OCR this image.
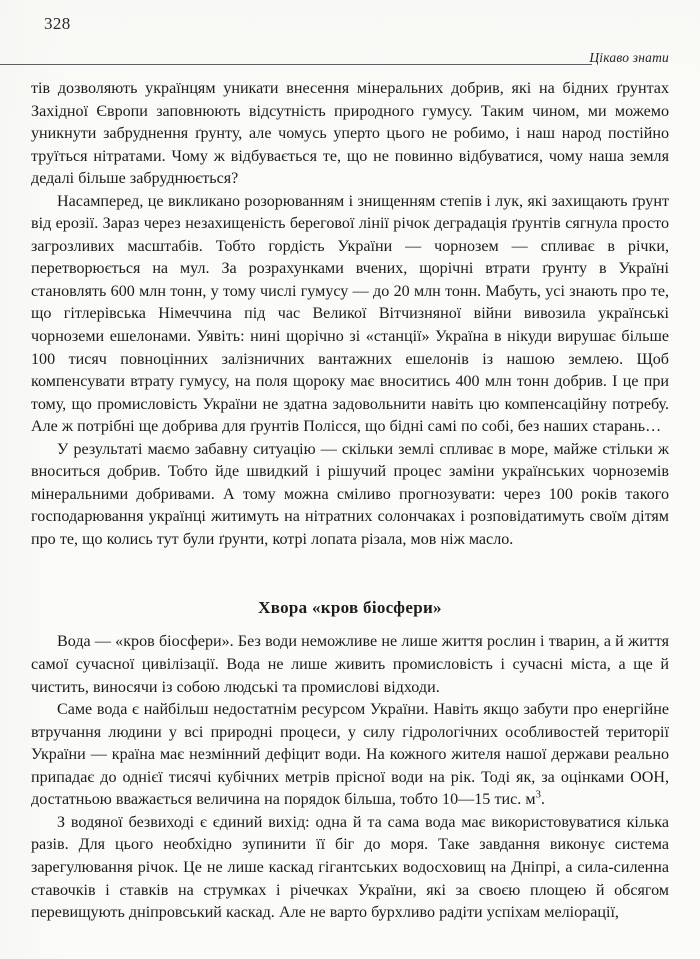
328
Цікаво знати

тів дозволяють українцям уникати внесення мінеральних добрив, які на бідних ґрунтах Західної Європи заповнюють відсутність природного гумусу. Таким чином, ми можемо уникнути забруднення ґрунту, але чомусь уперто цього не робимо, і наш народ постійно труїться нітратами. Чому ж відбувається те, що не повинно відбуватися, чому наша земля дедалі більше забруднюється?

Насамперед, це викликано розорюванням і знищенням степів і лук, які захищають ґрунт від ерозії. Зараз через незахищеність берегової лінії річок деградація ґрунтів сягнула просто загрозливих масштабів. Тобто гордість України — чорнозем — спливає в річки, перетворюється на мул. За розрахунками вчених, щорічні втрати ґрунту в Україні становлять 600 млн тонн, у тому числі гумусу — до 20 млн тонн. Мабуть, усі знають про те, що гітлерівська Німеччина під час Великої Вітчизняної війни вивозила українські чорноземи ешелонами. Уявіть: нині щорічно зі «станції» Україна в нікуди вирушає більше 100 тисяч повноцінних залізничних вантажних ешелонів із нашою землею. Щоб компенсувати втрату гумусу, на поля щороку має вноситись 400 млн тонн добрив. І це при тому, що промисловість України не здатна задовольнити навіть цю компенсаційну потребу. Але ж потрібні ще добрива для ґрунтів Полісся, що бідні самі по собі, без наших старань…

У результаті маємо забавну ситуацію — скільки землі спливає в море, майже стільки ж вноситься добрив. Тобто йде швидкий і рішучий процес заміни українських чорноземів мінеральними добривами. А тому можна сміливо прогнозувати: через 100 років такого господарювання українці житимуть на нітратних солончаках і розповідатимуть своїм дітям про те, що колись тут були ґрунти, котрі лопата різала, мов ніж масло.

Хвора «кров біосфери»

Вода — «кров біосфери». Без води неможливе не лише життя рослин і тварин, а й життя самої сучасної цивілізації. Вода не лише живить промисловість і сучасні міста, а ще й чистить, виносячи із собою людські та промислові відходи.

Саме вода є найбільш недостатнім ресурсом України. Навіть якщо забути про енергійне втручання людини у всі природні процеси, у силу гідрологічних особливостей території України — країна має незмінний дефіцит води. На кожного жителя нашої держави реально припадає до однієї тисячі кубічних метрів прісної води на рік. Тоді як, за оцінками ООН, достатньою вважається величина на порядок більша, тобто 10—15 тис. $м^3$.

З водяної безвиході є єдиний вихід: одна й та сама вода має використовуватися кілька разів. Для цього необхідно зупинити її біг до моря. Таке завдання виконує система зарегулювання річок. Це не лише каскад гігантських водосховищ на Дніпрі, а сила-силенна ставочків і ставків на струмках і річечках України, які за своєю площею й обсягом перевищують дніпровський каскад. Але не варто бурхливо радіти успіхам меліорації,
